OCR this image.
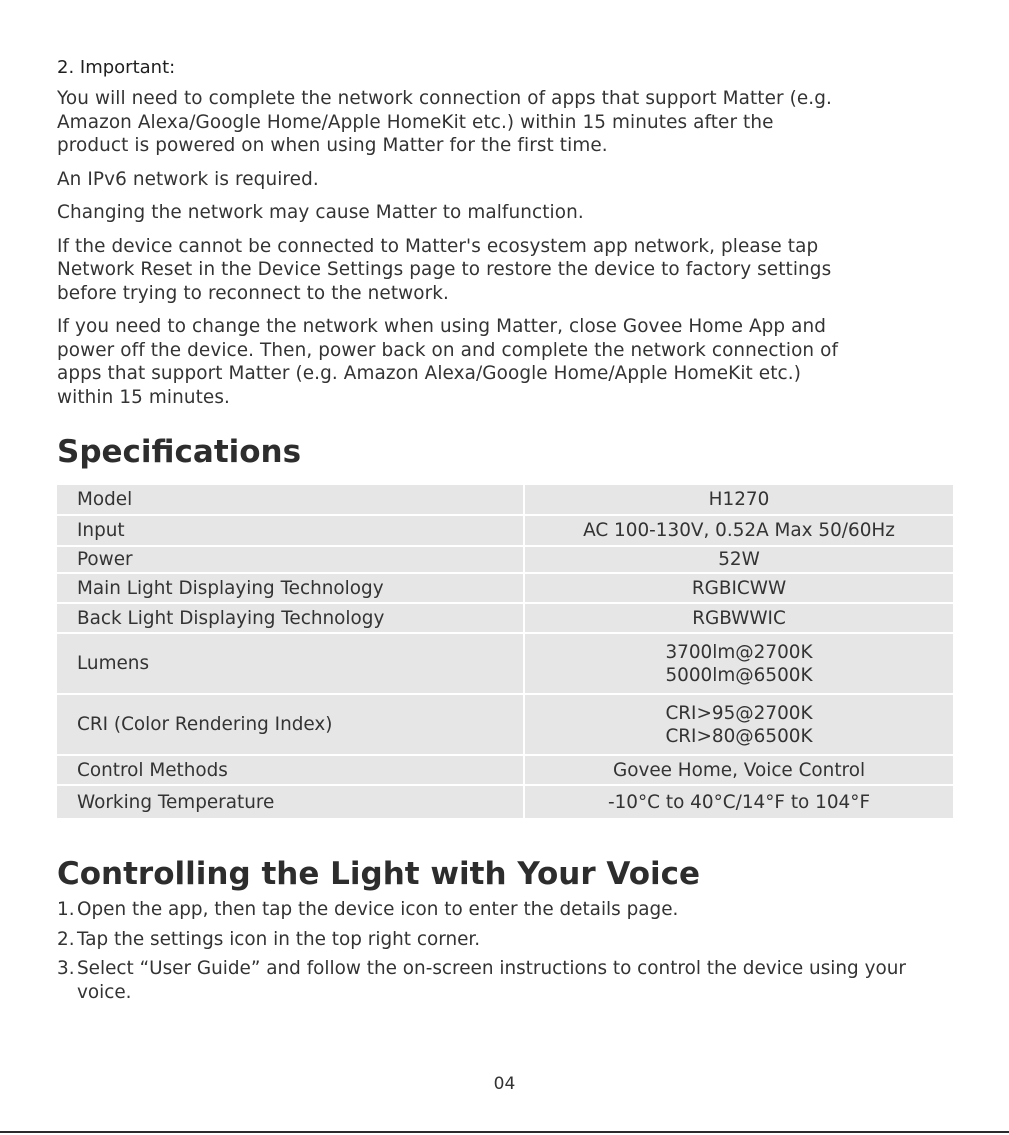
2. Important:

You will need to complete the network connection of apps that support Matter (e.g.
Amazon Alexa/Google Home/Apple HomeKit etc.) within 15 minutes after the
product is powered on when using Matter for the first time.

An IPv6 network is required.

Changing the network may cause Matter to malfunction.

If the device cannot be connected to Matter's ecosystem app network, please tap
Network Reset in the Device Settings page to restore the device to factory settings
before trying to reconnect to the network.

If you need to change the network when using Matter, close Govee Home App and
power off the device. Then, power back on and complete the network connection of
apps that support Matter (e.g. Amazon Alexa/Google Home/Apple HomeKit etc.)
within 15 minutes.

Specifications
Model	H1270
Input	AC 100-130V, 0.52A Max 50/60Hz
Power	52W
Main Light Displaying Technology	RGBICWW
Back Light Displaying Technology	RGBWWIC
Lumens	3700lm@2700K
5000lm@6500K
CRI (Color Rendering Index)	CRI>95@2700K
CRI>80@6500K
Control Methods	Govee Home, Voice Control
Working Temperature	-10°C to 40°C/14°F to 104°F
Controlling the Light with Your Voice
1. Open the app, then tap the device icon to enter the details page.
2. Tap the settings icon in the top right corner.
3. Select “User Guide” and follow the on-screen instructions to control the device using your voice.
04
